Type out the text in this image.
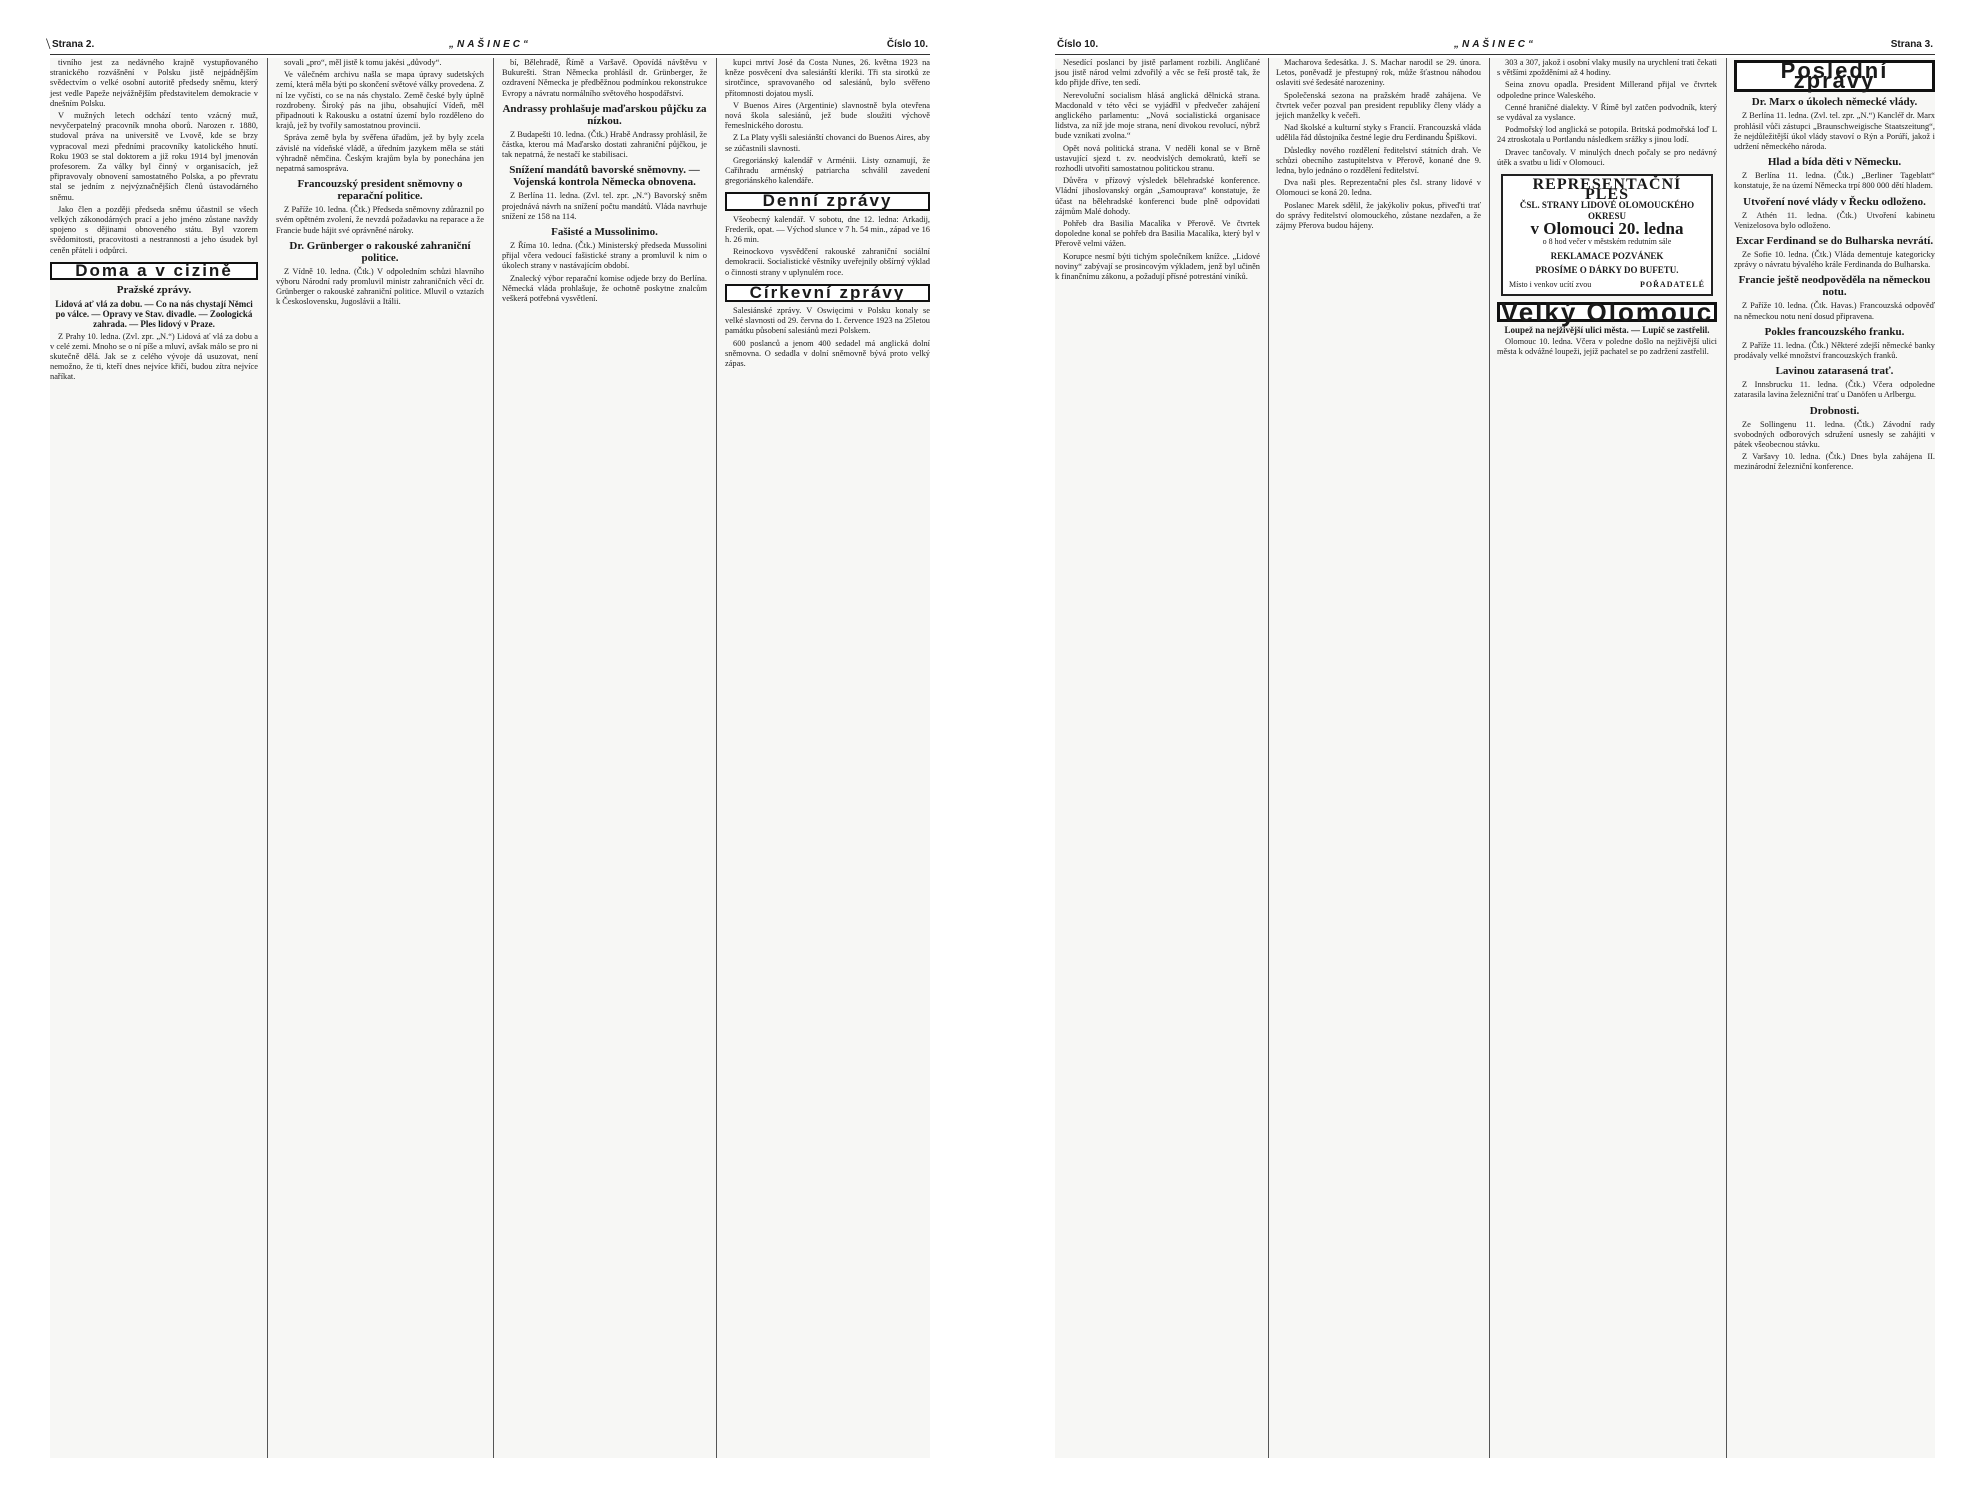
\ Strana 2.	„NAŠINEC“	Číslo 10.

tivního jest za nedávného krajně vystupňovaného stranického rozvášnění v Polsku jistě nejpádnějším svědectvím o velké osobní autoritě předsedy sněmu, který jest vedle Papeže nejvážnějším představitelem demokracie v dnešním Polsku.

V mužných letech odchází tento vzácný muž, nevyčerpatelný pracovník mnoha oborů. Narozen r. 1880, studoval práva na universitě ve Lvově, kde se brzy vypracoval mezi předními pracovníky katolického hnutí. Roku 1903 se stal doktorem a již roku 1914 byl jmenován profesorem. Za války byl činný v organisacích, jež připravovaly obnovení samostatného Polska, a po převratu stal se jedním z nejvýznačnějších členů ústavodárného sněmu.

Jako člen a později předseda sněmu účastnil se všech velkých zákonodárných prací a jeho jméno zůstane navždy spojeno s dějinami obnoveného státu. Byl vzorem svědomitosti, pracovitosti a nestrannosti a jeho úsudek byl ceněn přáteli i odpůrci.

Doma a v cizině
Pražské zprávy.
Lidová ať vlá za dobu. — Co na nás chystají Němci po válce. — Opravy ve Stav. divadle. — Zoologická zahrada. — Ples lidový v Praze.

Z Prahy 10. ledna. (Zvl. zpr. „N.“) Lidová ať vlá za dobu a v celé zemi. Mnoho se o ní píše a mluví, avšak málo se pro ni skutečně dělá. Jak se z celého vývoje dá usuzovat, není nemožno, že ti, kteří dnes nejvíce křičí, budou zítra nejvíce naříkat.

sovali „pro“, měl jistě k tomu jakési „důvody“.

Ve válečném archivu našla se mapa úpravy sudetských zemí, která měla býti po skončení světové války provedena. Z ní lze vyčísti, co se na nás chystalo. Země české byly úplně rozdrobeny. Široký pás na jihu, obsahující Vídeň, měl připadnouti k Rakousku a ostatní území bylo rozděleno do krajů, jež by tvořily samostatnou provincii.

Správa země byla by svěřena úřadům, jež by byly zcela závislé na vídeňské vládě, a úředním jazykem měla se státi výhradně němčina. Českým krajům byla by ponechána jen nepatrná samospráva.

Francouzský president sněmovny o reparační politice.

Z Paříže 10. ledna. (Čtk.) Předseda sněmovny zdůraznil po svém opětném zvolení, že nevzdá požadavku na reparace a že Francie bude hájit své oprávněné nároky.

Dr. Grünberger o rakouské zahraniční politice.

Z Vídně 10. ledna. (Čtk.) V odpoledním schůzi hlavního výboru Národní rady promluvil ministr zahraničních věcí dr. Grünberger o rakouské zahraniční politice. Mluvil o vztazích k Československu, Jugoslávii a Itálii.

bí, Bělehradě, Římě a Varšavě. Opovídá návštěvu v Bukurešti. Stran Německa prohlásil dr. Grünberger, že ozdravení Německa je předběžnou podmínkou rekonstrukce Evropy a návratu normálního světového hospodářství.

Andrassy prohlašuje maďarskou půjčku za nízkou.

Z Budapešti 10. ledna. (Čtk.) Hrabě Andrassy prohlásil, že částka, kterou má Maďarsko dostati zahraniční půjčkou, je tak nepatrná, že nestačí ke stabilisaci.

Snížení mandátů bavorské sněmovny. — Vojenská kontrola Německa obnovena.

Z Berlína 11. ledna. (Zvl. tel. zpr. „N.“) Bavorský sněm projednává návrh na snížení počtu mandátů. Vláda navrhuje snížení ze 158 na 114.

Fašisté a Mussolinimo.

Z Říma 10. ledna. (Čtk.) Ministerský předseda Mussolini přijal včera vedoucí fašistické strany a promluvil k nim o úkolech strany v nastávajícím období.

Znalecký výbor reparační komise odjede brzy do Berlína. Německá vláda prohlašuje, že ochotně poskytne znalcům veškerá potřebná vysvětlení.

kupci mrtví José da Costa Nunes, 26. května 1923 na kněze posvěcení dva salesiánští kleriki. Tři sta sirotků ze sirotčince, spravovaného od salesiánů, bylo svěřeno přítomnosti dojatou myslí.

V Buenos Aires (Argentinie) slavnostně byla otevřena nová škola salesiánů, jež bude sloužiti výchově řemeslnického dorostu.

Z La Platy vyšli salesiánští chovanci do Buenos Aires, aby se zúčastnili slavnosti.

Gregoriánský kalendář v Arménii. Listy oznamují, že Cařihradu arménský patriarcha schválil zavedení gregoriánského kalendáře.

Denní zprávy

Všeobecný kalendář. V sobotu, dne 12. ledna: Arkadij, Frederik, opat. — Východ slunce v 7 h. 54 min., západ ve 16 h. 26 min.

Reinockovo vysvědčení rakouské zahraniční sociální demokracii. Socialistické věstníky uveřejnily obšírný výklad o činnosti strany v uplynulém roce.

Církevní zprávy

Salesiánské zprávy. V Oswięcimi v Polsku konaly se velké slavnosti od 29. června do 1. července 1923 na 25letou památku působení salesiánů mezi Polskem.

600 poslanců a jenom 400 sedadel má anglická dolní sněmovna. O sedadla v dolní sněmovně bývá proto velký zápas.

Číslo 10.	„NAŠINEC“	Strana 3.

Nesedící poslanci by jistě parlament rozbili. Angličané jsou jistě národ velmi zdvořilý a věc se řeší prostě tak, že kdo přijde dříve, ten sedí.

Nerevoluční socialism hlásá anglická dělnická strana. Macdonald v této věci se vyjádřil v předvečer zahájení anglického parlamentu: „Nová socialistická organisace lidstva, za níž jde moje strana, není divokou revolucí, nýbrž bude vznikati zvolna.“

Opět nová politická strana. V neděli konal se v Brně ustavující sjezd t. zv. neodvislých demokratů, kteří se rozhodli utvořiti samostatnou politickou stranu.

Důvěra v přízový výsledek bělehradské konference. Vládní jihoslovanský orgán „Samouprava“ konstatuje, že účast na bělehradské konferenci bude plně odpovídati zájmům Malé dohody.

Pohřeb dra Basilia Macalíka v Přerově. Ve čtvrtek dopoledne konal se pohřeb dra Basilia Macalíka, který byl v Přerově velmi vážen.

Korupce nesmí býti tichým společníkem knížce. „Lidové noviny“ zabývají se prosincovým výkladem, jenž byl učiněn k finančnímu zákonu, a požadují přísné potrestání viníků.

Macharova šedesátka. J. S. Machar narodil se 29. února. Letos, poněvadž je přestupný rok, může šťastnou náhodou oslaviti své šedesáté narozeniny.

Společenská sezona na pražském hradě zahájena. Ve čtvrtek večer pozval pan president republiky členy vlády a jejich manželky k večeři.

Nad školské a kulturní styky s Francií. Francouzská vláda udělila řád důstojníka čestné legie dru Ferdinandu Špiškovi.

Důsledky nového rozdělení ředitelství státních drah. Ve schůzi obecního zastupitelstva v Přerově, konané dne 9. ledna, bylo jednáno o rozdělení ředitelství.

Dva naši ples. Reprezentační ples čsl. strany lidové v Olomouci se koná 20. ledna.

Poslanec Marek sdělil, že jakýkoliv pokus, přiveďti trať do správy ředitelství olomouckého, zůstane nezdařen, a že zájmy Přerova budou hájeny.

303 a 307, jakož i osobní vlaky musily na urychlení trati čekati s většími zpožděními až 4 hodiny.

Seina znovu opadla. President Millerand přijal ve čtvrtek odpoledne prince Waleského.

Cenné hraničné dialekty. V Římě byl zatčen podvodník, který se vydával za vyslance.

Podmořský lod anglická se potopila. Britská podmořská loď L 24 ztroskotala u Portlandu následkem srážky s jinou lodí.

Dravec tančovaly. V minulých dnech počaly se pro nedávný útěk a svatbu u lidí v Olomouci.

REPRESENTAČNÍ PLES
ČSL. STRANY LIDOVÉ OLOMOUCKÉHO OKRESU
v Olomouci 20. ledna
o 8 hod večer v městském redutním sále
REKLAMACE POZVÁNEK
PROSÍME O DÁRKY DO BUFETU.
Místo i venkov ucítí zvou	POŘADATELÉ
Velký Olomouc
Loupež na nejživější ulici města. — Lupič se zastřelil.

Olomouc 10. ledna. Včera v poledne došlo na nejživější ulici města k odvážné loupeži, jejíž pachatel se po zadržení zastřelil.

Poslední zprávy
Dr. Marx o úkolech německé vlády.

Z Berlína 11. ledna. (Zvl. tel. zpr. „N.“) Kancléř dr. Marx prohlásil vůči zástupci „Braunschweigische Staatszeitung“, že nejdůležitější úkol vlády stavoví o Rýn a Porúří, jakož i udržení německého národa.

Hlad a bída děti v Německu.

Z Berlína 11. ledna. (Čtk.) „Berliner Tageblatt“ konstatuje, že na území Německa trpí 800 000 dětí hladem.

Utvoření nové vlády v Řecku odloženo.

Z Athén 11. ledna. (Čtk.) Utvoření kabinetu Venizelosova bylo odloženo.

Excar Ferdinand se do Bulharska nevrátí.

Ze Sofie 10. ledna. (Čtk.) Vláda dementuje kategoricky zprávy o návratu bývalého krále Ferdinanda do Bulharska.

Francie ještě neodpověděla na německou notu.

Z Paříže 10. ledna. (Čtk. Havas.) Francouzská odpověď na německou notu není dosud připravena.

Pokles francouzského franku.

Z Paříže 11. ledna. (Čtk.) Některé zdejší německé banky prodávaly velké množství francouzských franků.

Lavinou zatarasená trať.

Z Innsbrucku 11. ledna. (Čtk.) Včera odpoledne zatarasila lavina železniční trať u Danöfen u Arlbergu.

Drobnosti.

Ze Sollingenu 11. ledna. (Čtk.) Závodní rady svobodných odborových sdružení usnesly se zahájiti v pátek všeobecnou stávku.

Z Varšavy 10. ledna. (Čtk.) Dnes byla zahájena II. mezinárodní železniční konference.
